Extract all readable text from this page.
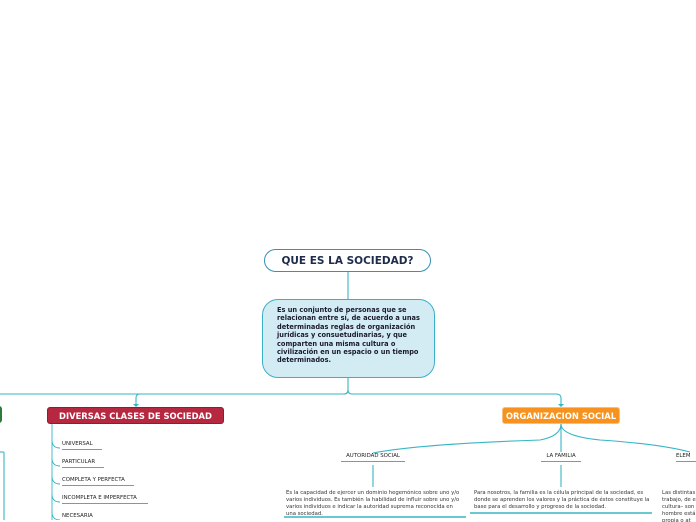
QUE ES LA SOCIEDAD?
Es un conjunto de personas que se relacionan entre sí, de acuerdo a unas determinadas reglas de organización jurídicas y consuetudinarias, y que comparten una misma cultura o civilización en un espacio o un tiempo determinados.
DIVERSAS CLASES DE SOCIEDAD
UNIVERSAL
PARTICULAR
COMPLETA Y PERFECTA
INCOMPLETA E IMPERFECTA
NECESARIA
ORGANIZACION SOCIAL
AUTORIDAD SOCIAL	LA FAMILIA	ELEM
Es la capacidad de ejercer un dominio hegemónico sobre uno y/o varios individuos. Es también la habilidad de influir sobre uno y/o varios individuos e indicar la autoridad suprema reconocida en una sociedad.
Para nosotros, la familia es la célula principal de la sociedad, es donde se aprenden los valores y la práctica de éstos constituye la base para el desarrollo y progreso de la sociedad.
Las distintas trabajo, de e cultura– son hombre está propia o at
